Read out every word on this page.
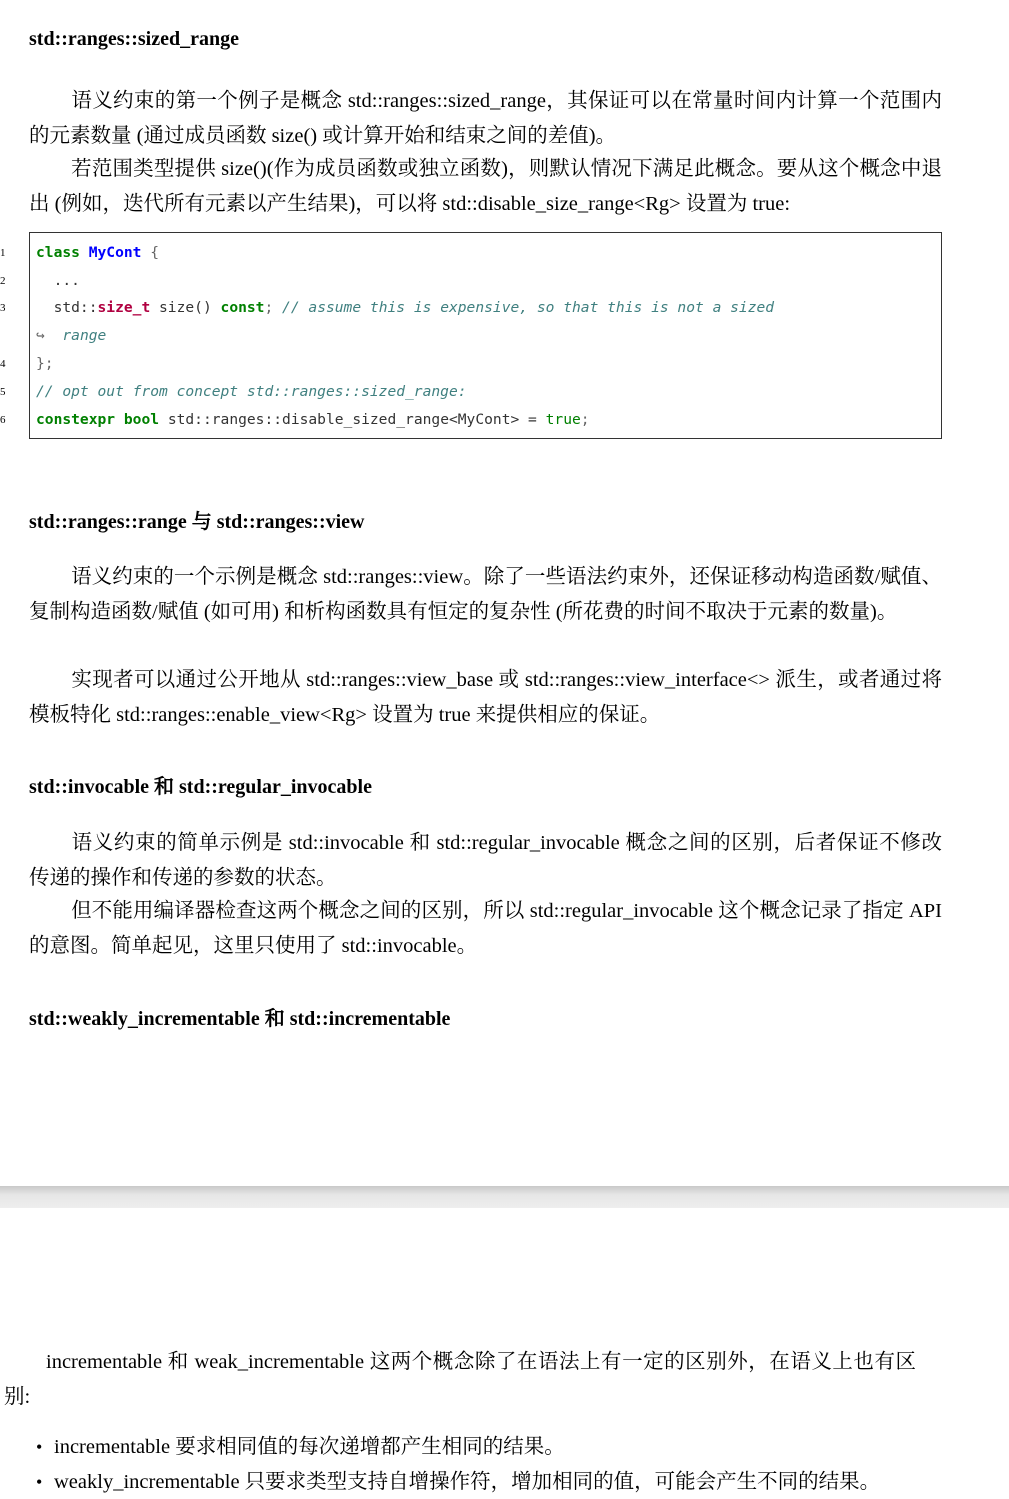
std::ranges::sized_range

语义约束的第一个例子是概念 std::ranges::sized_range，其保证可以在常量时间内计算一个范围内的元素数量 (通过成员函数 size() 或计算开始和结束之间的差值)。

若范围类型提供 size()(作为成员函数或独立函数)，则默认情况下满足此概念。要从这个概念中退出 (例如，迭代所有元素以产生结果)，可以将 std::disable_size_range<Rg> 设置为 true:

1
2
3
4
5
6
class MyCont {
...
std::size_t size() const; // assume this is expensive, so that this is not a sized
↪  range
};
// opt out from concept std::ranges::sized_range:
constexpr bool std::ranges::disable_sized_range<MyCont> = true;
std::ranges::range 与 std::ranges::view

语义约束的一个示例是概念 std::ranges::view。除了一些语法约束外，还保证移动构造函数/赋值、复制构造函数/赋值 (如可用) 和析构函数具有恒定的复杂性 (所花费的时间不取决于元素的数量)。

实现者可以通过公开地从 std::ranges::view_base 或 std::ranges::view_interface<> 派生，或者通过将模板特化 std::ranges::enable_view<Rg> 设置为 true 来提供相应的保证。

std::invocable 和 std::regular_invocable

语义约束的简单示例是 std::invocable 和 std::regular_invocable 概念之间的区别，后者保证不修改传递的操作和传递的参数的状态。

但不能用编译器检查这两个概念之间的区别，所以 std::regular_invocable 这个概念记录了指定 API 的意图。简单起见，这里只使用了 std::invocable。

std::weakly_incrementable 和 std::incrementable

incrementable 和 weak_incrementable 这两个概念除了在语法上有一定的区别外，在语义上也有区别:

• incrementable 要求相同值的每次递增都产生相同的结果。
• weakly_incrementable 只要求类型支持自增操作符，增加相同的值，可能会产生不同的结果。
